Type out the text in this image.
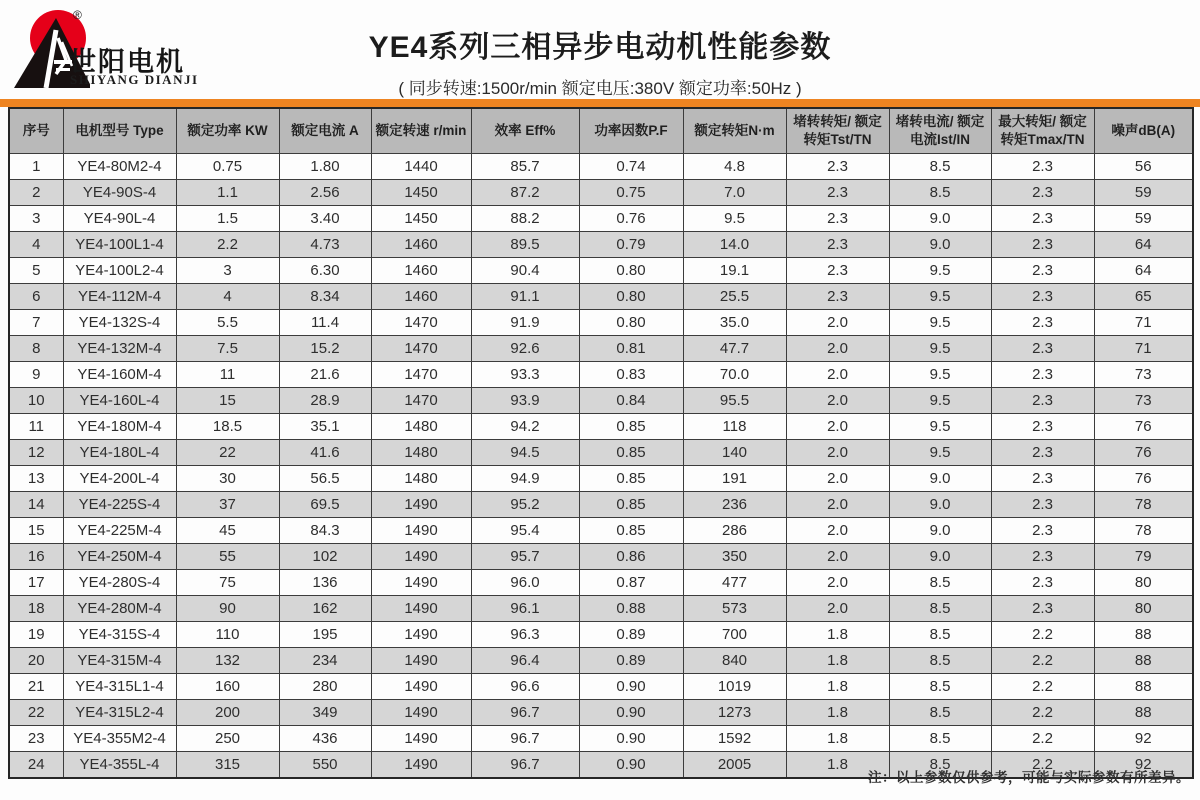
®
世阳电机
SHIYANG DIANJI
YE4系列三相异步电动机性能参数
( 同步转速:1500r/min 额定电压:380V 额定功率:50Hz )
序号	电机型号 Type	额定功率 KW	额定电流 A	额定转速 r/min	效率 Eff%	功率因数P.F	额定转矩N·m	堵转转矩/ 额定转矩Tst/TN	堵转电流/ 额定电流Ist/IN	最大转矩/ 额定转矩Tmax/TN	噪声dB(A)
1	YE4-80M2-4	0.75	1.80	1440	85.7	0.74	4.8	2.3	8.5	2.3	56
2	YE4-90S-4	1.1	2.56	1450	87.2	0.75	7.0	2.3	8.5	2.3	59
3	YE4-90L-4	1.5	3.40	1450	88.2	0.76	9.5	2.3	9.0	2.3	59
4	YE4-100L1-4	2.2	4.73	1460	89.5	0.79	14.0	2.3	9.0	2.3	64
5	YE4-100L2-4	3	6.30	1460	90.4	0.80	19.1	2.3	9.5	2.3	64
6	YE4-112M-4	4	8.34	1460	91.1	0.80	25.5	2.3	9.5	2.3	65
7	YE4-132S-4	5.5	11.4	1470	91.9	0.80	35.0	2.0	9.5	2.3	71
8	YE4-132M-4	7.5	15.2	1470	92.6	0.81	47.7	2.0	9.5	2.3	71
9	YE4-160M-4	11	21.6	1470	93.3	0.83	70.0	2.0	9.5	2.3	73
10	YE4-160L-4	15	28.9	1470	93.9	0.84	95.5	2.0	9.5	2.3	73
11	YE4-180M-4	18.5	35.1	1480	94.2	0.85	118	2.0	9.5	2.3	76
12	YE4-180L-4	22	41.6	1480	94.5	0.85	140	2.0	9.5	2.3	76
13	YE4-200L-4	30	56.5	1480	94.9	0.85	191	2.0	9.0	2.3	76
14	YE4-225S-4	37	69.5	1490	95.2	0.85	236	2.0	9.0	2.3	78
15	YE4-225M-4	45	84.3	1490	95.4	0.85	286	2.0	9.0	2.3	78
16	YE4-250M-4	55	102	1490	95.7	0.86	350	2.0	9.0	2.3	79
17	YE4-280S-4	75	136	1490	96.0	0.87	477	2.0	8.5	2.3	80
18	YE4-280M-4	90	162	1490	96.1	0.88	573	2.0	8.5	2.3	80
19	YE4-315S-4	110	195	1490	96.3	0.89	700	1.8	8.5	2.2	88
20	YE4-315M-4	132	234	1490	96.4	0.89	840	1.8	8.5	2.2	88
21	YE4-315L1-4	160	280	1490	96.6	0.90	1019	1.8	8.5	2.2	88
22	YE4-315L2-4	200	349	1490	96.7	0.90	1273	1.8	8.5	2.2	88
23	YE4-355M2-4	250	436	1490	96.7	0.90	1592	1.8	8.5	2.2	92
24	YE4-355L-4	315	550	1490	96.7	0.90	2005	1.8	8.5	2.2	92
注：以上参数仅供参考，可能与实际参数有所差异。
